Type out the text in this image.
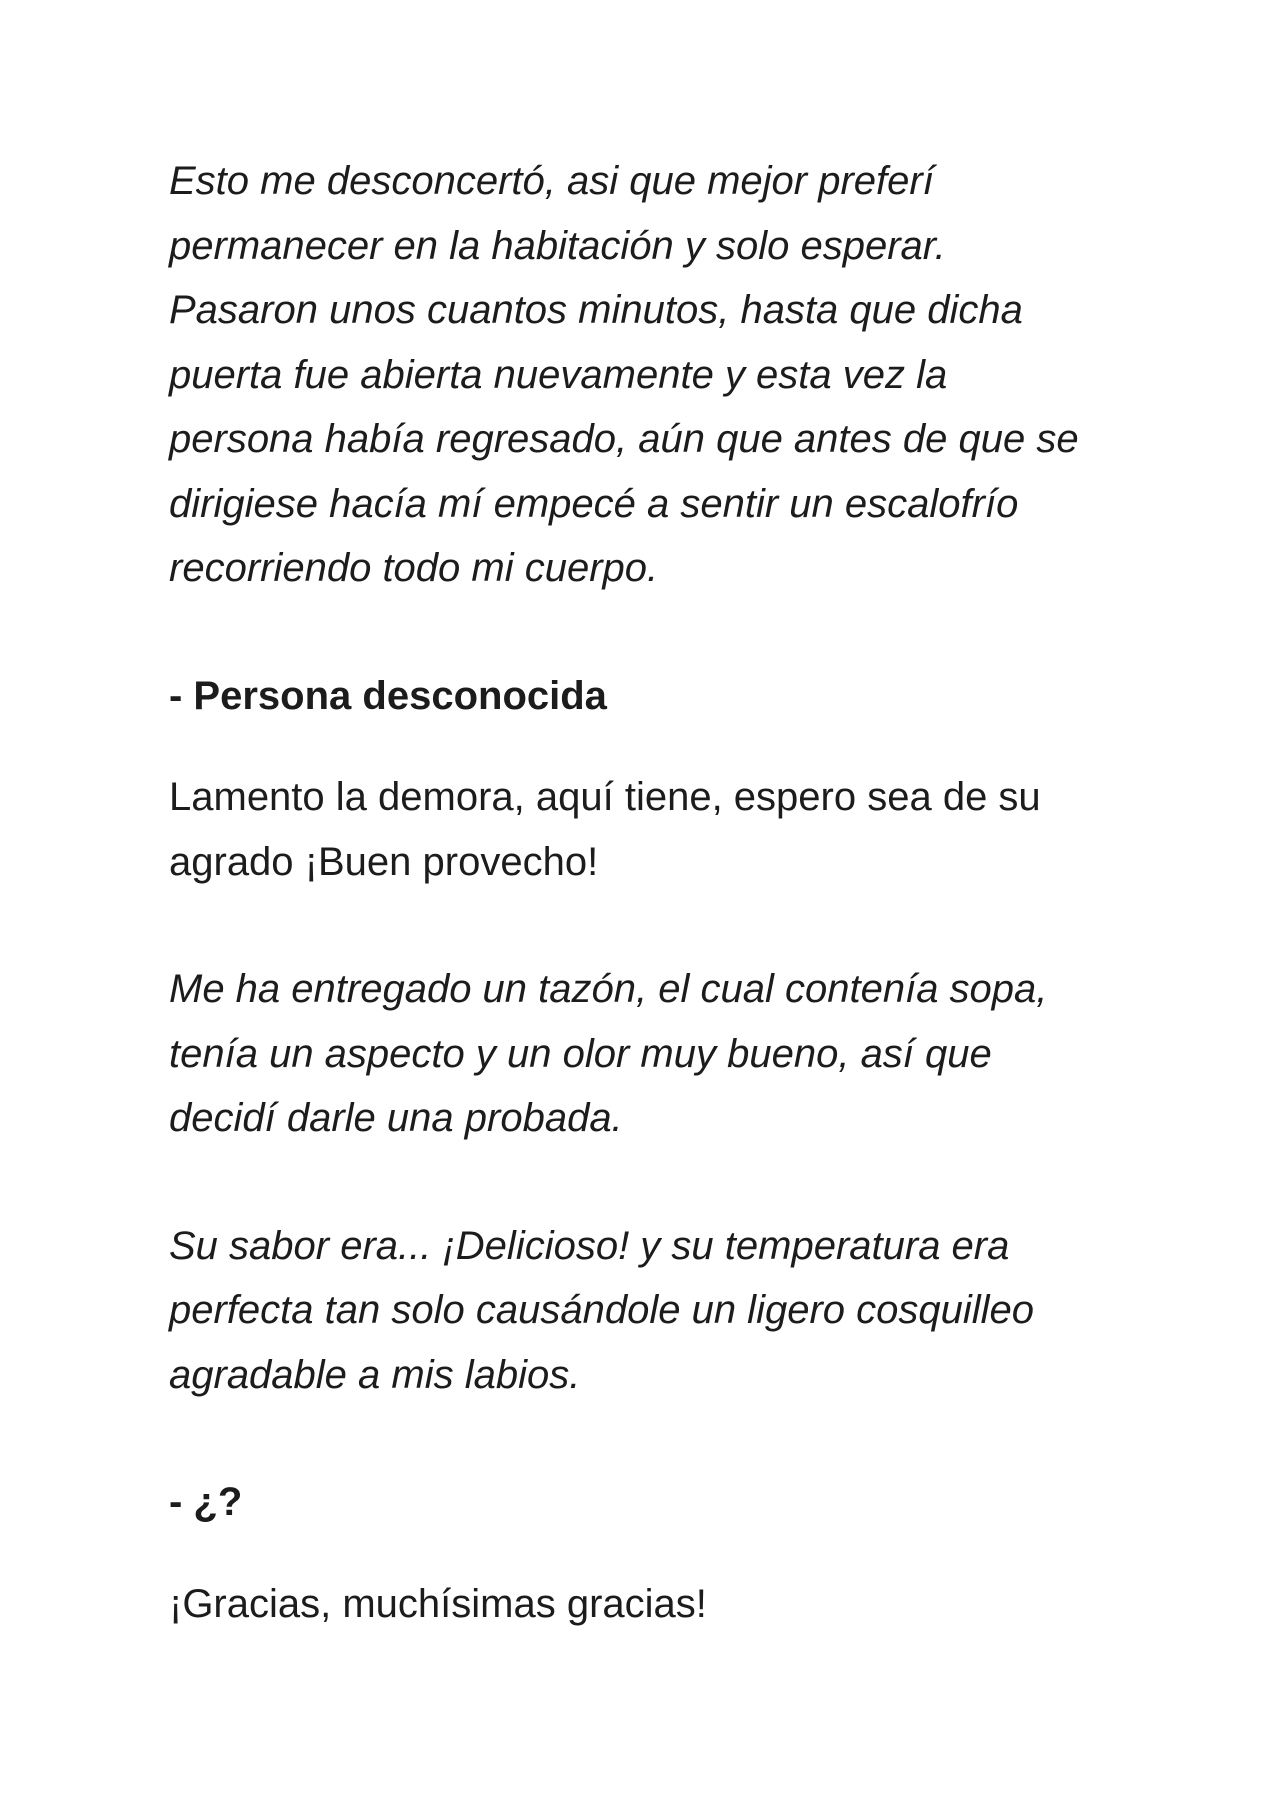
Esto me desconcertó, asi que mejor preferí
permanecer en la habitación y solo esperar.
Pasaron unos cuantos minutos, hasta que dicha
puerta fue abierta nuevamente y esta vez la
persona había regresado, aún que antes de que se
dirigiese hacía mí empecé a sentir un escalofrío
recorriendo todo mi cuerpo.

- Persona desconocida

Lamento la demora, aquí tiene, espero sea de su
agrado ¡Buen provecho!

Me ha entregado un tazón, el cual contenía sopa,
tenía un aspecto y un olor muy bueno, así que
decidí darle una probada.

Su sabor era... ¡Delicioso! y su temperatura era
perfecta tan solo causándole un ligero cosquilleo
agradable a mis labios.

- ¿?

¡Gracias, muchísimas gracias!
